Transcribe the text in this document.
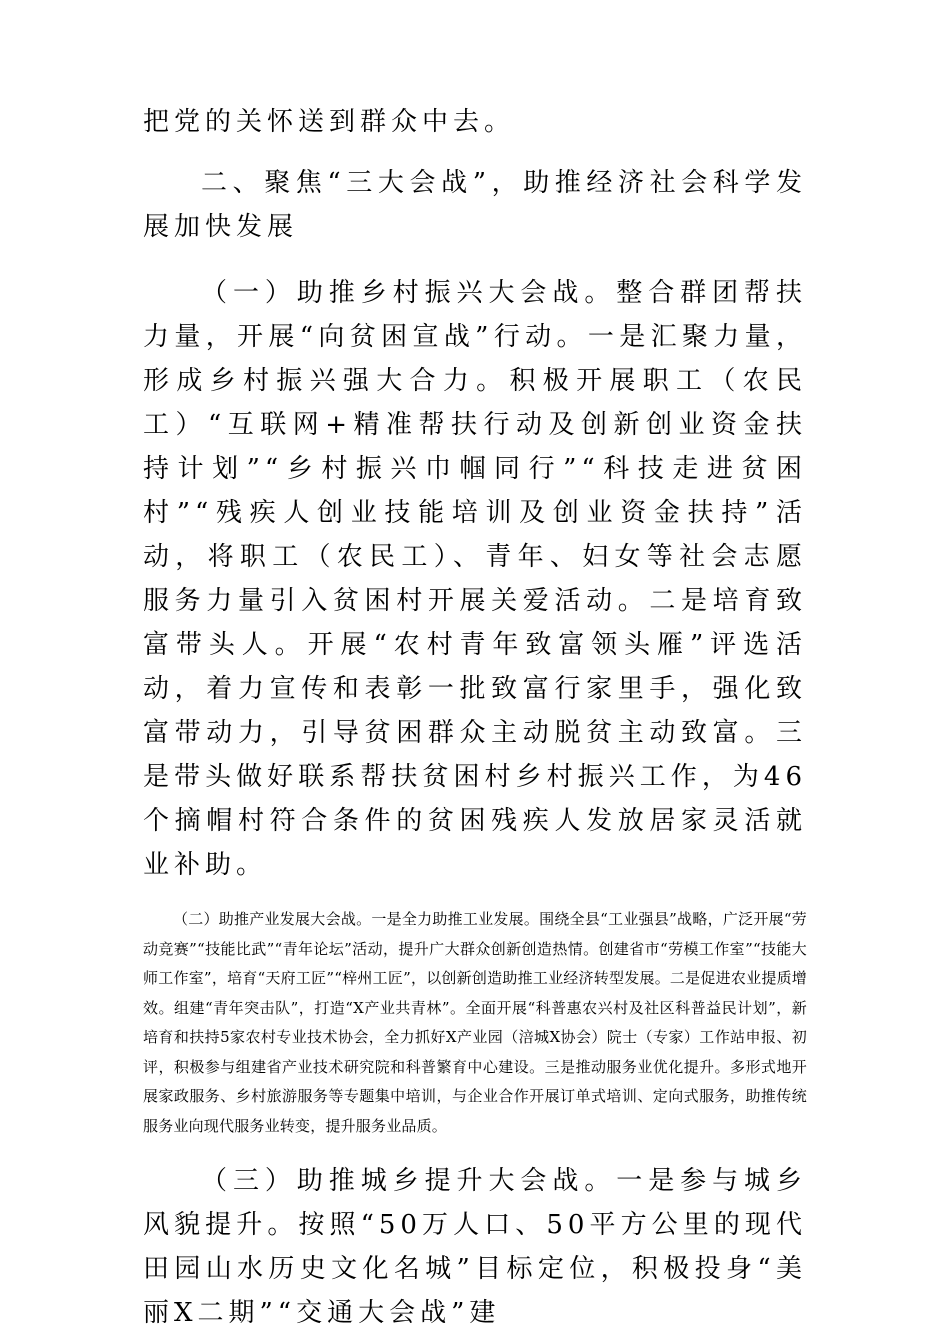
把党的关怀送到群众中去。

二、聚焦“三大会战”，助推经济社会科学发展加快发展

（一）助推乡村振兴大会战。整合群团帮扶力量，开展“向贫困宣战”行动。一是汇聚力量，形成乡村振兴强大合力。积极开展职工（农民工）“互联网+精准帮扶行动及创新创业资金扶持计划”“乡村振兴巾帼同行”“科技走进贫困村”“残疾人创业技能培训及创业资金扶持”活动，将职工（农民工）、青年、妇女等社会志愿服务力量引入贫困村开展关爱活动。二是培育致富带头人。开展“农村青年致富领头雁”评选活动，着力宣传和表彰一批致富行家里手，强化致富带动力，引导贫困群众主动脱贫主动致富。三是带头做好联系帮扶贫困村乡村振兴工作，为46个摘帽村符合条件的贫困残疾人发放居家灵活就业补助。

（二）助推产业发展大会战。一是全力助推工业发展。围绕全县“工业强县”战略，广泛开展“劳动竞赛”“技能比武”“青年论坛”活动，提升广大群众创新创造热情。创建省市“劳模工作室”“技能大师工作室”，培育“天府工匠”“梓州工匠”，以创新创造助推工业经济转型发展。二是促进农业提质增效。组建“青年突击队”，打造“X产业共青林”。全面开展“科普惠农兴村及社区科普益民计划”，新培育和扶持5家农村专业技术协会，全力抓好X产业园（涪城X协会）院士（专家）工作站申报、初评，积极参与组建省产业技术研究院和科普繁育中心建设。三是推动服务业优化提升。多形式地开展家政服务、乡村旅游服务等专题集中培训，与企业合作开展订单式培训、定向式服务，助推传统服务业向现代服务业转变，提升服务业品质。

（三）助推城乡提升大会战。一是参与城乡风貌提升。按照“50万人口、50平方公里的现代田园山水历史文化名城”目标定位，积极投身“美丽X二期”“交通大会战”建
